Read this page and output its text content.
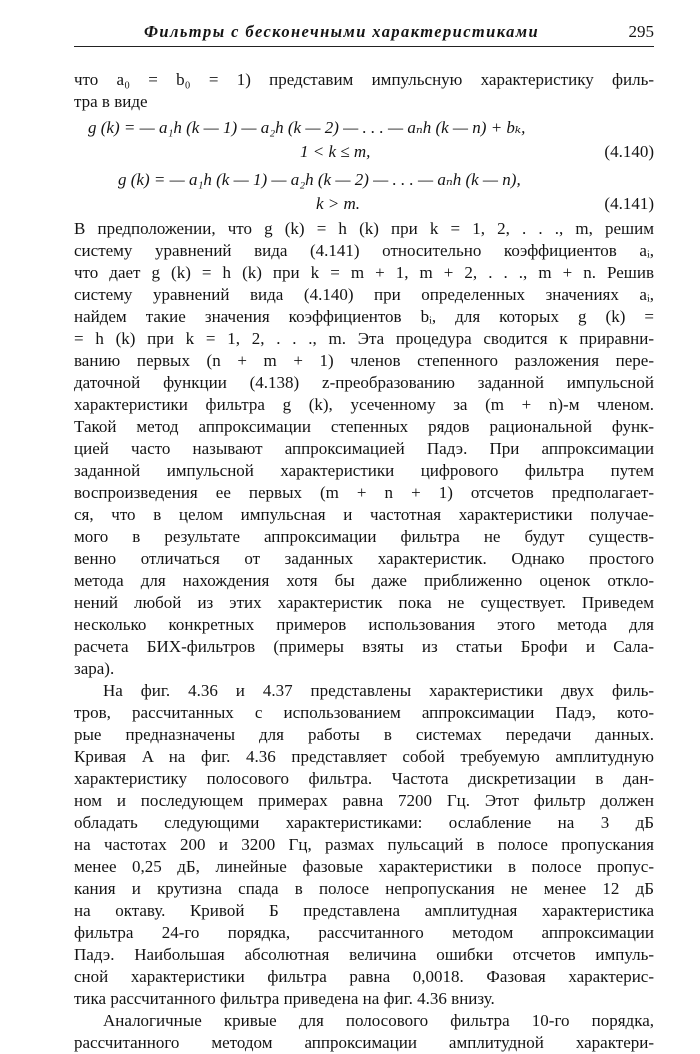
Фильтры с бесконечными характеристиками	295
что a₀ = b₀ = 1) представим импульсную характеристику филь-
тра в виде
g (k) = — a₁h (k — 1) — a₂h (k — 2) — . . . — aₙh (k — n) + bₖ,
1 < k ≤ m,	(4.140)
g (k) = — a₁h (k — 1) — a₂h (k — 2) — . . . — aₙh (k — n),
k > m.	(4.141)
В предположении, что g (k) = h (k) при k = 1, 2, . . ., m, решим
систему уравнений вида (4.141) относительно коэффициентов aᵢ,
что дает g (k) = h (k) при k = m + 1, m + 2, . . ., m + n. Решив
систему уравнений вида (4.140) при определенных значениях aᵢ,
найдем такие значения коэффициентов bᵢ, для которых g (k) =
= h (k) при k = 1, 2, . . ., m. Эта процедура сводится к приравни-
ванию первых (n + m + 1) членов степенного разложения пере-
даточной функции (4.138) z-преобразованию заданной импульсной
характеристики фильтра g (k), усеченному за (m + n)-м членом.
Такой метод аппроксимации степенных рядов рациональной функ-
цией часто называют аппроксимацией Падэ. При аппроксимации
заданной импульсной характеристики цифрового фильтра путем
воспроизведения ее первых (m + n + 1) отсчетов предполагает-
ся, что в целом импульсная и частотная характеристики получае-
мого в результате аппроксимации фильтра не будут существ-
венно отличаться от заданных характеристик. Однако простого
метода для нахождения хотя бы даже приближенно оценок откло-
нений любой из этих характеристик пока не существует. Приведем
несколько конкретных примеров использования этого метода для
расчета БИХ-фильтров (примеры взяты из статьи Брофи и Сала-
зара).
На фиг. 4.36 и 4.37 представлены характеристики двух филь-
тров, рассчитанных с использованием аппроксимации Падэ, кото-
рые предназначены для работы в системах передачи данных.
Кривая A на фиг. 4.36 представляет собой требуемую амплитудную
характеристику полосового фильтра. Частота дискретизации в дан-
ном и последующем примерах равна 7200 Гц. Этот фильтр должен
обладать следующими характеристиками: ослабление на 3 дБ
на частотах 200 и 3200 Гц, размах пульсаций в полосе пропускания
менее 0,25 дБ, линейные фазовые характеристики в полосе пропус-
кания и крутизна спада в полосе непропускания не менее 12 дБ
на октаву. Кривой Б представлена амплитудная характеристика
фильтра 24-го порядка, рассчитанного методом аппроксимации
Падэ. Наибольшая абсолютная величина ошибки отсчетов импуль-
сной характеристики фильтра равна 0,0018. Фазовая характерис-
тика рассчитанного фильтра приведена на фиг. 4.36 внизу.
Аналогичные кривые для полосового фильтра 10-го порядка,
рассчитанного методом аппроксимации амплитудной характери-
